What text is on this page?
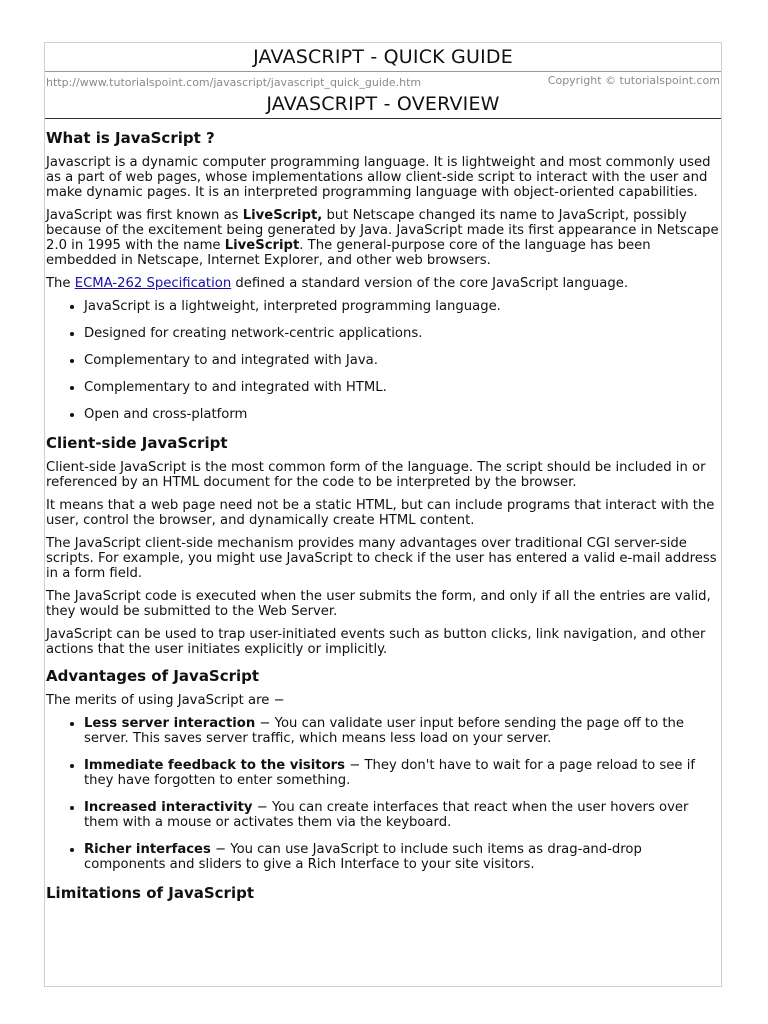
JAVASCRIPT - QUICK GUIDE
http://www.tutorialspoint.com/javascript/javascript_quick_guide.htm	Copyright © tutorialspoint.com
JAVASCRIPT - OVERVIEW
What is JavaScript ?

Javascript is a dynamic computer programming language. It is lightweight and most commonly used as a part of web pages, whose implementations allow client-side script to interact with the user and make dynamic pages. It is an interpreted programming language with object-oriented capabilities.

JavaScript was first known as LiveScript, but Netscape changed its name to JavaScript, possibly because of the excitement being generated by Java. JavaScript made its first appearance in Netscape 2.0 in 1995 with the name LiveScript. The general-purpose core of the language has been embedded in Netscape, Internet Explorer, and other web browsers.

The ECMA-262 Specification defined a standard version of the core JavaScript language.

• JavaScript is a lightweight, interpreted programming language.
• Designed for creating network-centric applications.
• Complementary to and integrated with Java.
• Complementary to and integrated with HTML.
• Open and cross-platform
Client-side JavaScript

Client-side JavaScript is the most common form of the language. The script should be included in or referenced by an HTML document for the code to be interpreted by the browser.

It means that a web page need not be a static HTML, but can include programs that interact with the user, control the browser, and dynamically create HTML content.

The JavaScript client-side mechanism provides many advantages over traditional CGI server-side scripts. For example, you might use JavaScript to check if the user has entered a valid e-mail address in a form field.

The JavaScript code is executed when the user submits the form, and only if all the entries are valid, they would be submitted to the Web Server.

JavaScript can be used to trap user-initiated events such as button clicks, link navigation, and other actions that the user initiates explicitly or implicitly.

Advantages of JavaScript

The merits of using JavaScript are −

• Less server interaction − You can validate user input before sending the page off to the server. This saves server traffic, which means less load on your server.
• Immediate feedback to the visitors − They don't have to wait for a page reload to see if they have forgotten to enter something.
• Increased interactivity − You can create interfaces that react when the user hovers over them with a mouse or activates them via the keyboard.
• Richer interfaces − You can use JavaScript to include such items as drag-and-drop components and sliders to give a Rich Interface to your site visitors.
Limitations of JavaScript
